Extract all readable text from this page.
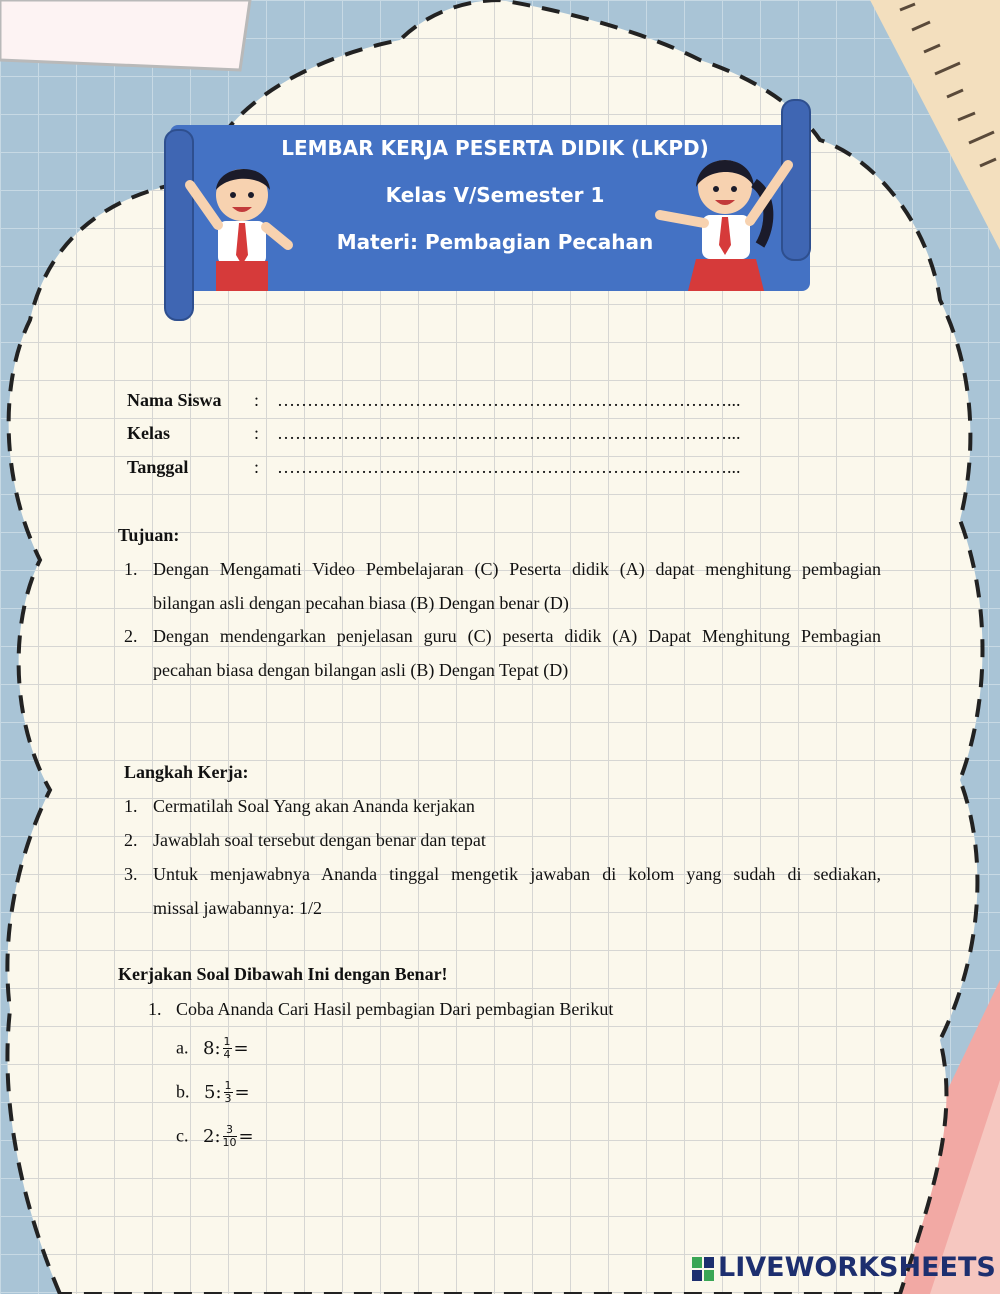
LEMBAR KERJA PESERTA DIDIK (LKPD)
Kelas V/Semester 1
Materi: Pembagian Pecahan
Nama Siswa : …………………………………………………………………...
Kelas	: …………………………………………………………………...
Tanggal	: …………………………………………………………………...
Tujuan:
1. Dengan Mengamati Video Pembelajaran (C) Peserta didik (A) dapat menghitung pembagian
bilangan asli dengan pecahan biasa (B) Dengan benar (D)
2. Dengan mendengarkan penjelasan guru (C) peserta didik (A) Dapat Menghitung Pembagian
pecahan biasa dengan bilangan asli (B) Dengan Tepat (D)
Langkah Kerja:
1. Cermatilah Soal Yang akan Ananda kerjakan
2. Jawablah soal tersebut dengan benar dan tepat
3. Untuk menjawabnya Ananda tinggal mengetik jawaban di kolom yang sudah di sediakan,
missal jawabannya: 1/2
Kerjakan Soal Dibawah Ini dengan Benar!
1. Coba Ananda Cari Hasil pembagian Dari pembagian Berikut
a. 8: $\frac{1}{4}$ =
b. 5: $\frac{1}{3}$ =
c. 2: $\frac{3}{10}$ =
LIVEWORKSHEETS
